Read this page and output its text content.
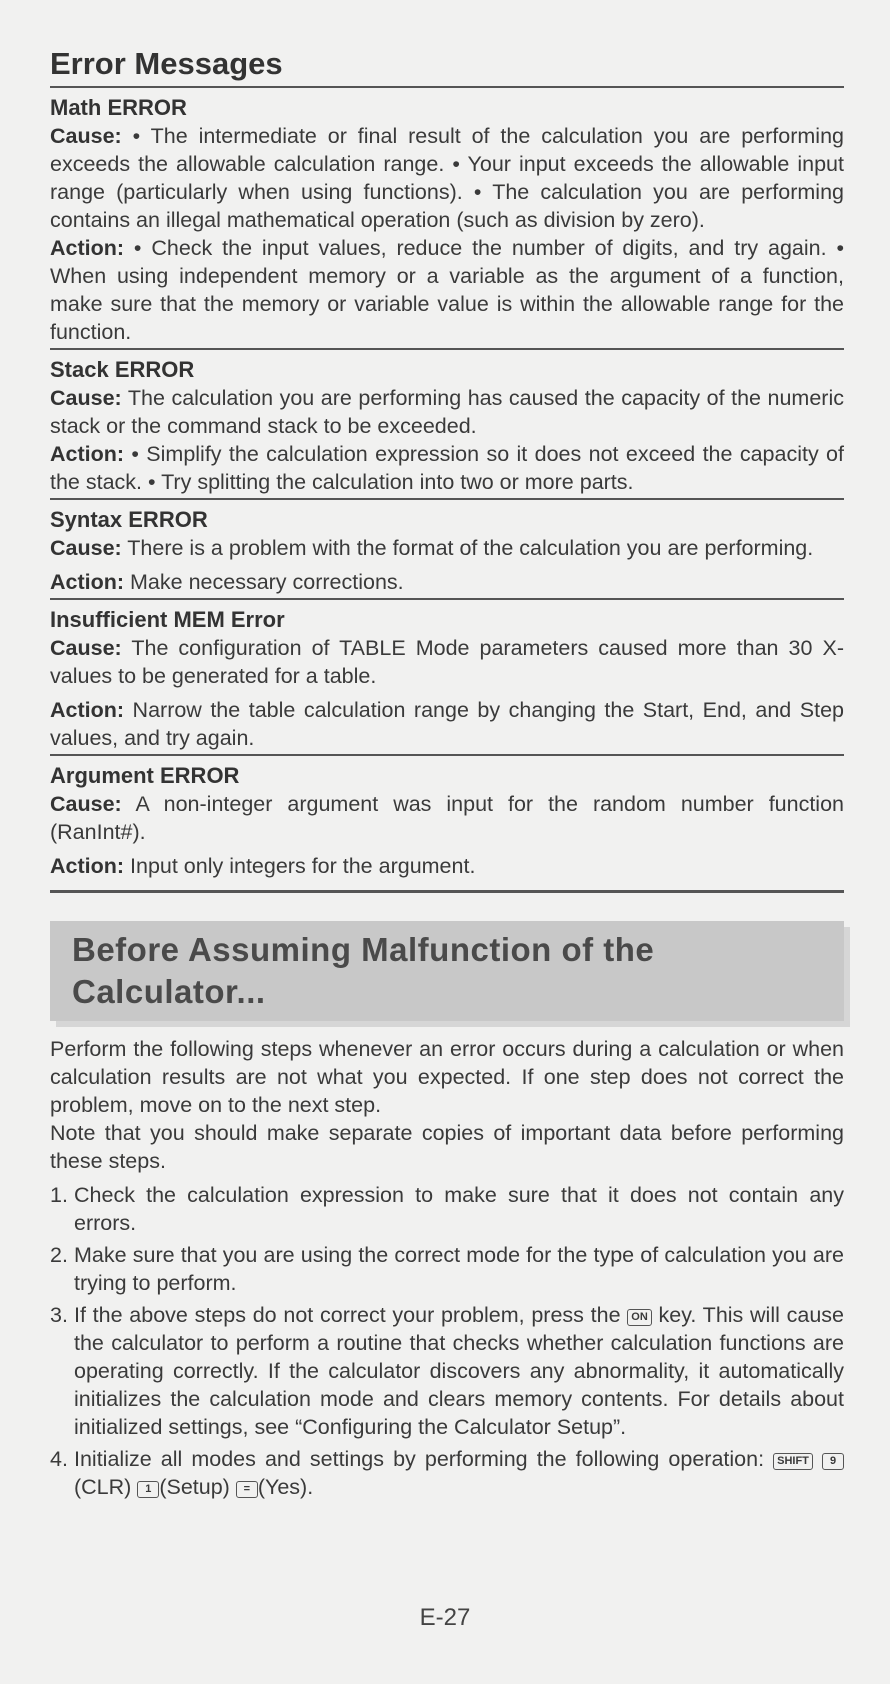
Error Messages
Math ERROR

Cause: • The intermediate or final result of the calculation you are performing exceeds the allowable calculation range. • Your input exceeds the allowable input range (particularly when using functions). • The calculation you are performing contains an illegal mathematical operation (such as division by zero).

Action: • Check the input values, reduce the number of digits, and try again. • When using independent memory or a variable as the argument of a function, make sure that the memory or variable value is within the allowable range for the function.

Stack ERROR

Cause: The calculation you are performing has caused the capacity of the numeric stack or the command stack to be exceeded.

Action: • Simplify the calculation expression so it does not exceed the capacity of the stack. • Try splitting the calculation into two or more parts.

Syntax ERROR

Cause: There is a problem with the format of the calculation you are performing.

Action: Make necessary corrections.

Insufficient MEM Error

Cause: The configuration of TABLE Mode parameters caused more than 30 X-values to be generated for a table.

Action: Narrow the table calculation range by changing the Start, End, and Step values, and try again.

Argument ERROR

Cause: A non-integer argument was input for the random number function (RanInt#).

Action: Input only integers for the argument.

Before Assuming Malfunction of the Calculator...

Perform the following steps whenever an error occurs during a calculation or when calculation results are not what you expected. If one step does not correct the problem, move on to the next step.

Note that you should make separate copies of important data before performing these steps.

1. Check the calculation expression to make sure that it does not contain any errors.
2. Make sure that you are using the correct mode for the type of calculation you are trying to perform.
3. If the above steps do not correct your problem, press the ON key. This will cause the calculator to perform a routine that checks whether calculation functions are operating correctly. If the calculator discovers any abnormality, it automatically initializes the calculation mode and clears memory contents. For details about initialized settings, see “Configuring the Calculator Setup”.
4. Initialize all modes and settings by performing the following operation: SHIFT 9(CLR) 1 (Setup) = (Yes).
E-27
